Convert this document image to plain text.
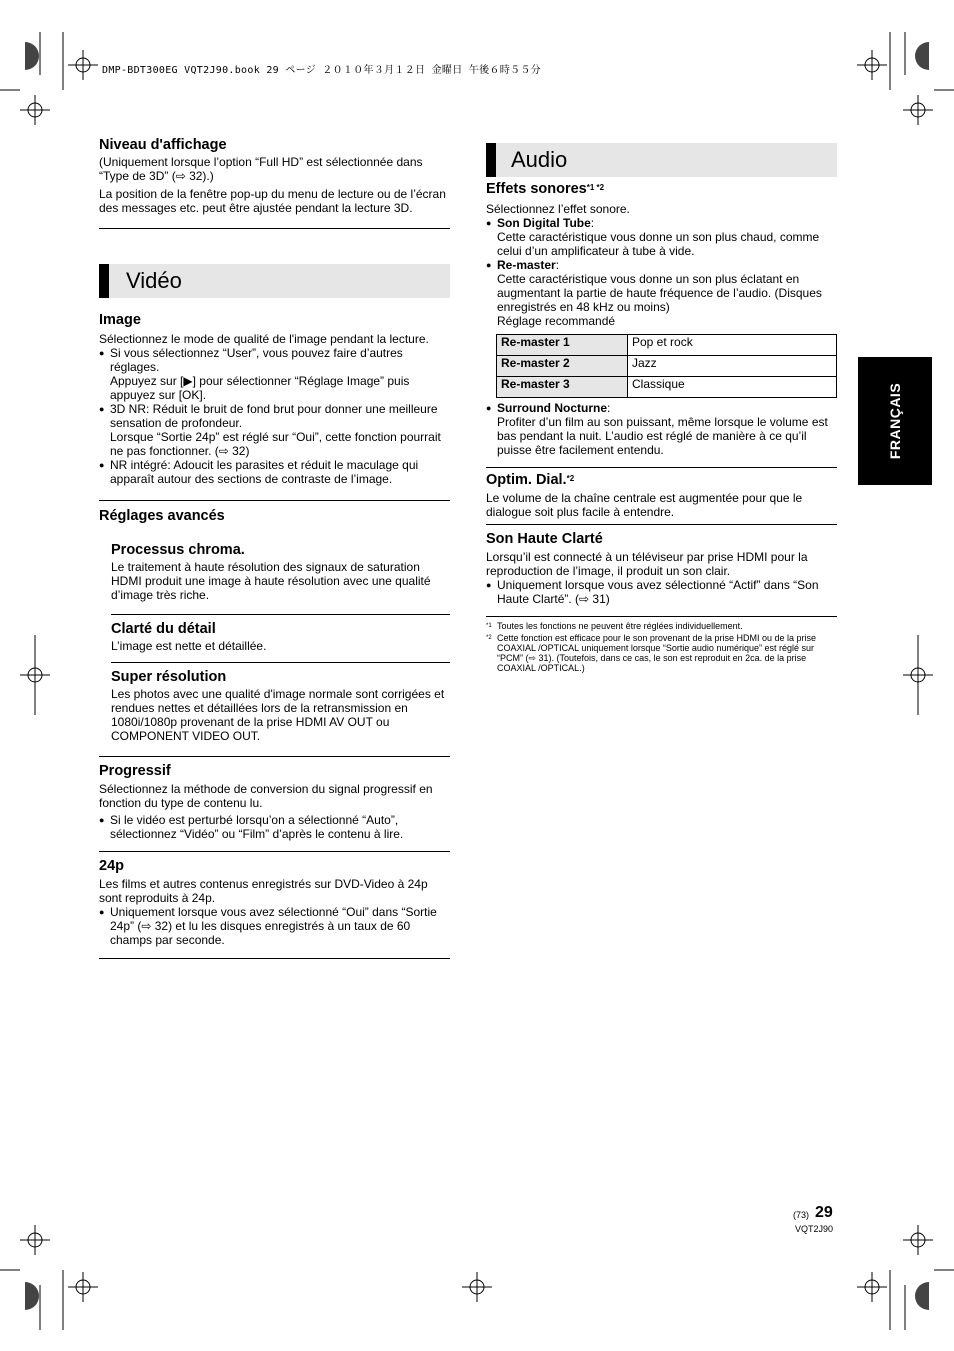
DMP-BDT300EG VQT2J90.book 29 ページ ２０１０年３月１２日 金曜日 午後６時５５分

Niveau d'affichage

(Uniquement lorsque l’option “Full HD” est sélectionnée dans “Type de 3D” (⇨ 32).)

La position de la fenêtre pop-up du menu de lecture ou de l’écran des messages etc. peut être ajustée pendant la lecture 3D.

Vidéo

Image

Sélectionnez le mode de qualité de l'image pendant la lecture.

● Si vous sélectionnez “User”, vous pouvez faire d’autres réglages.
Appuyez sur [▶] pour sélectionner “Réglage Image” puis appuyez sur [OK].
● 3D NR: Réduit le bruit de fond brut pour donner une meilleure sensation de profondeur.
Lorsque “Sortie 24p” est réglé sur “Oui”, cette fonction pourrait ne pas fonctionner. (⇨ 32)
● NR intégré: Adoucit les parasites et réduit le maculage qui apparaît autour des sections de contraste de l’image.

Réglages avancés

Processus chroma.

Le traitement à haute résolution des signaux de saturation HDMI produit une image à haute résolution avec une qualité d’image très riche.

Clarté du détail

L’image est nette et détaillée.

Super résolution

Les photos avec une qualité d'image normale sont corrigées et rendues nettes et détaillées lors de la retransmission en 1080i/1080p provenant de la prise HDMI AV OUT ou COMPONENT VIDEO OUT.

Progressif

Sélectionnez la méthode de conversion du signal progressif en fonction du type de contenu lu.

● Si le vidéo est perturbé lorsqu’on a sélectionné “Auto”, sélectionnez “Vidéo” ou “Film” d’après le contenu à lire.

24p

Les films et autres contenus enregistrés sur DVD-Video à 24p sont reproduits à 24p.

● Uniquement lorsque vous avez sélectionné “Oui” dans “Sortie 24p” (⇨ 32) et lu les disques enregistrés à un taux de 60 champs par seconde.
Audio

Effets sonores$^{*1 *2}$

Sélectionnez l’effet sonore.

● Son Digital Tube:
Cette caractéristique vous donne un son plus chaud, comme celui d’un amplificateur à tube à vide.
● Re-master:
Cette caractéristique vous donne un son plus éclatant en augmentant la partie de haute fréquence de l’audio. (Disques enregistrés en 48 kHz ou moins)
Réglage recommandé
Re-master 1	Pop et rock
Re-master 2	Jazz
Re-master 3	Classique
● Surround Nocturne:
Profiter d’un film au son puissant, même lorsque le volume est bas pendant la nuit. L’audio est réglé de manière à ce qu’il puisse être facilement entendu.

Optim. Dial.$^{*2}$

Le volume de la chaîne centrale est augmentée pour que le dialogue soit plus facile à entendre.

Son Haute Clarté

Lorsqu’il est connecté à un téléviseur par prise HDMI pour la reproduction de l’image, il produit un son clair.

● Uniquement lorsque vous avez sélectionné “Actif” dans “Son Haute Clarté”. (⇨ 31)
*1 Toutes les fonctions ne peuvent être réglées individuellement.
*2 Cette fonction est efficace pour le son provenant de la prise HDMI ou de la prise COAXIAL /OPTICAL uniquement lorsque “Sortie audio numérique” est réglé sur “PCM” (⇨ 31). (Toutefois, dans ce cas, le son est reproduit en 2ca. de la prise COAXIAL /OPTICAL.)
FRANÇAIS
(73) 29
VQT2J90
